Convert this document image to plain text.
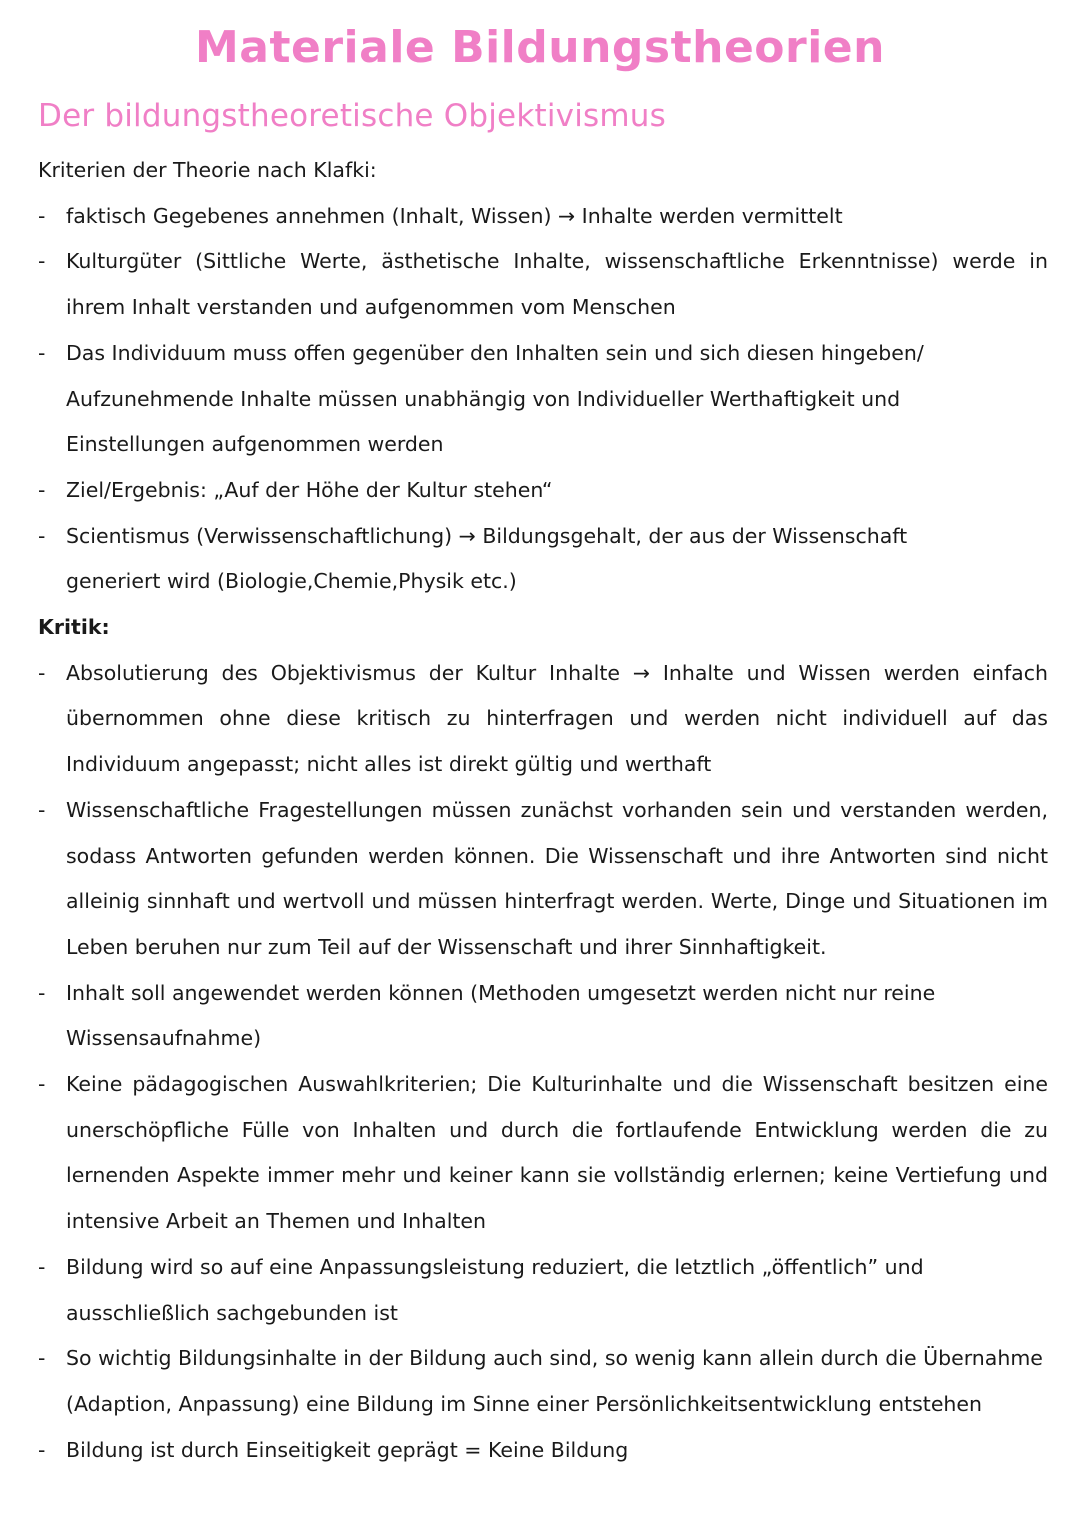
Materiale Bildungstheorien
Der bildungstheoretische Objektivismus

Kriterien der Theorie nach Klafki:

- faktisch Gegebenes annehmen (Inhalt, Wissen) → Inhalte werden vermittelt
- Kulturgüter (Sittliche Werte, ästhetische Inhalte, wissenschaftliche Erkenntnisse) werde in ihrem Inhalt verstanden und aufgenommen vom Menschen
- Das Individuum muss offen gegenüber den Inhalten sein und sich diesen hingeben/ Aufzunehmende Inhalte müssen unabhängig von Individueller Werthaftigkeit und Einstellungen aufgenommen werden
- Ziel/Ergebnis: „Auf der Höhe der Kultur stehen“
- Scientismus (Verwissenschaftlichung) → Bildungsgehalt, der aus der Wissenschaft generiert wird (Biologie,Chemie,Physik etc.)

Kritik:

- Absolutierung des Objektivismus der Kultur Inhalte → Inhalte und Wissen werden einfach übernommen ohne diese kritisch zu hinterfragen und werden nicht individuell auf das Individuum angepasst; nicht alles ist direkt gültig und werthaft
- Wissenschaftliche Fragestellungen müssen zunächst vorhanden sein und verstanden werden, sodass Antworten gefunden werden können. Die Wissenschaft und ihre Antworten sind nicht alleinig sinnhaft und wertvoll und müssen hinterfragt werden. Werte, Dinge und Situationen im Leben beruhen nur zum Teil auf der Wissenschaft und ihrer Sinnhaftigkeit.
- Inhalt soll angewendet werden können (Methoden umgesetzt werden nicht nur reine Wissensaufnahme)
- Keine pädagogischen Auswahlkriterien; Die Kulturinhalte und die Wissenschaft besitzen eine unerschöpfliche Fülle von Inhalten und durch die fortlaufende Entwicklung werden die zu lernenden Aspekte immer mehr und keiner kann sie vollständig erlernen; keine Vertiefung und intensive Arbeit an Themen und Inhalten
- Bildung wird so auf eine Anpassungsleistung reduziert, die letztlich „öffentlich” und ausschließlich sachgebunden ist
- So wichtig Bildungsinhalte in der Bildung auch sind, so wenig kann allein durch die Übernahme (Adaption, Anpassung) eine Bildung im Sinne einer Persönlichkeitsentwicklung entstehen
- Bildung ist durch Einseitigkeit geprägt = Keine Bildung
